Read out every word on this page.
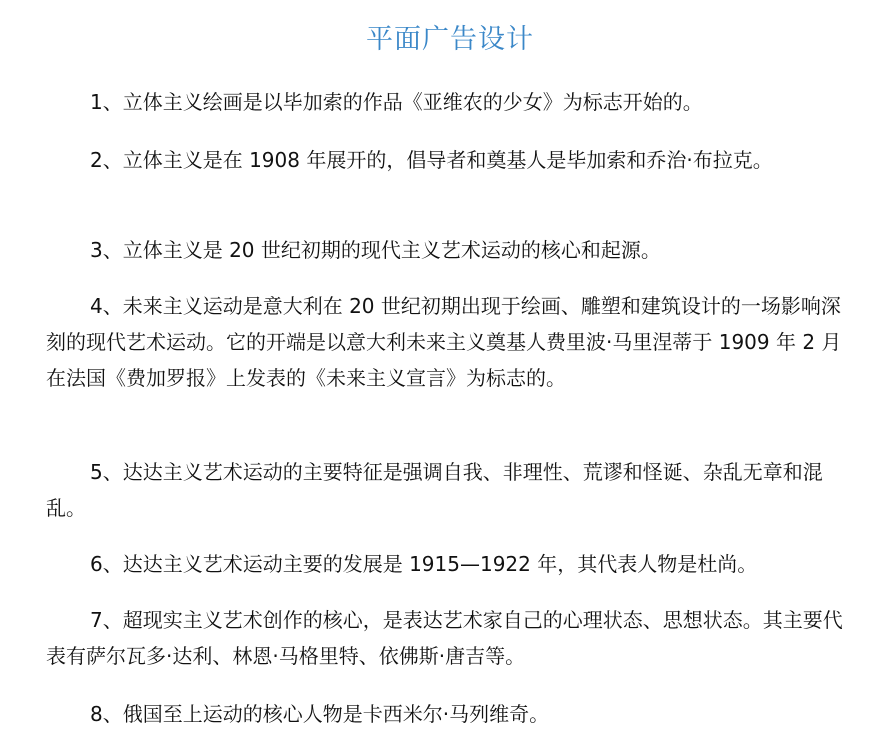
平面广告设计

1、立体主义绘画是以毕加索的作品《亚维农的少女》为标志开始的。

2、立体主义是在 1908 年展开的，倡导者和奠基人是毕加索和乔治·布拉克。

3、立体主义是 20 世纪初期的现代主义艺术运动的核心和起源。

4、未来主义运动是意大利在 20 世纪初期出现于绘画、雕塑和建筑设计的一场影响深刻的现代艺术运动。它的开端是以意大利未来主义奠基人费里波·马里涅蒂于 1909 年 2 月在法国《费加罗报》上发表的《未来主义宣言》为标志的。

5、达达主义艺术运动的主要特征是强调自我、非理性、荒谬和怪诞、杂乱无章和混乱。

6、达达主义艺术运动主要的发展是 1915—1922 年，其代表人物是杜尚。

7、超现实主义艺术创作的核心，是表达艺术家自己的心理状态、思想状态。其主要代表有萨尔瓦多·达利、林恩·马格里特、依佛斯·唐吉等。

8、俄国至上运动的核心人物是卡西米尔·马列维奇。
